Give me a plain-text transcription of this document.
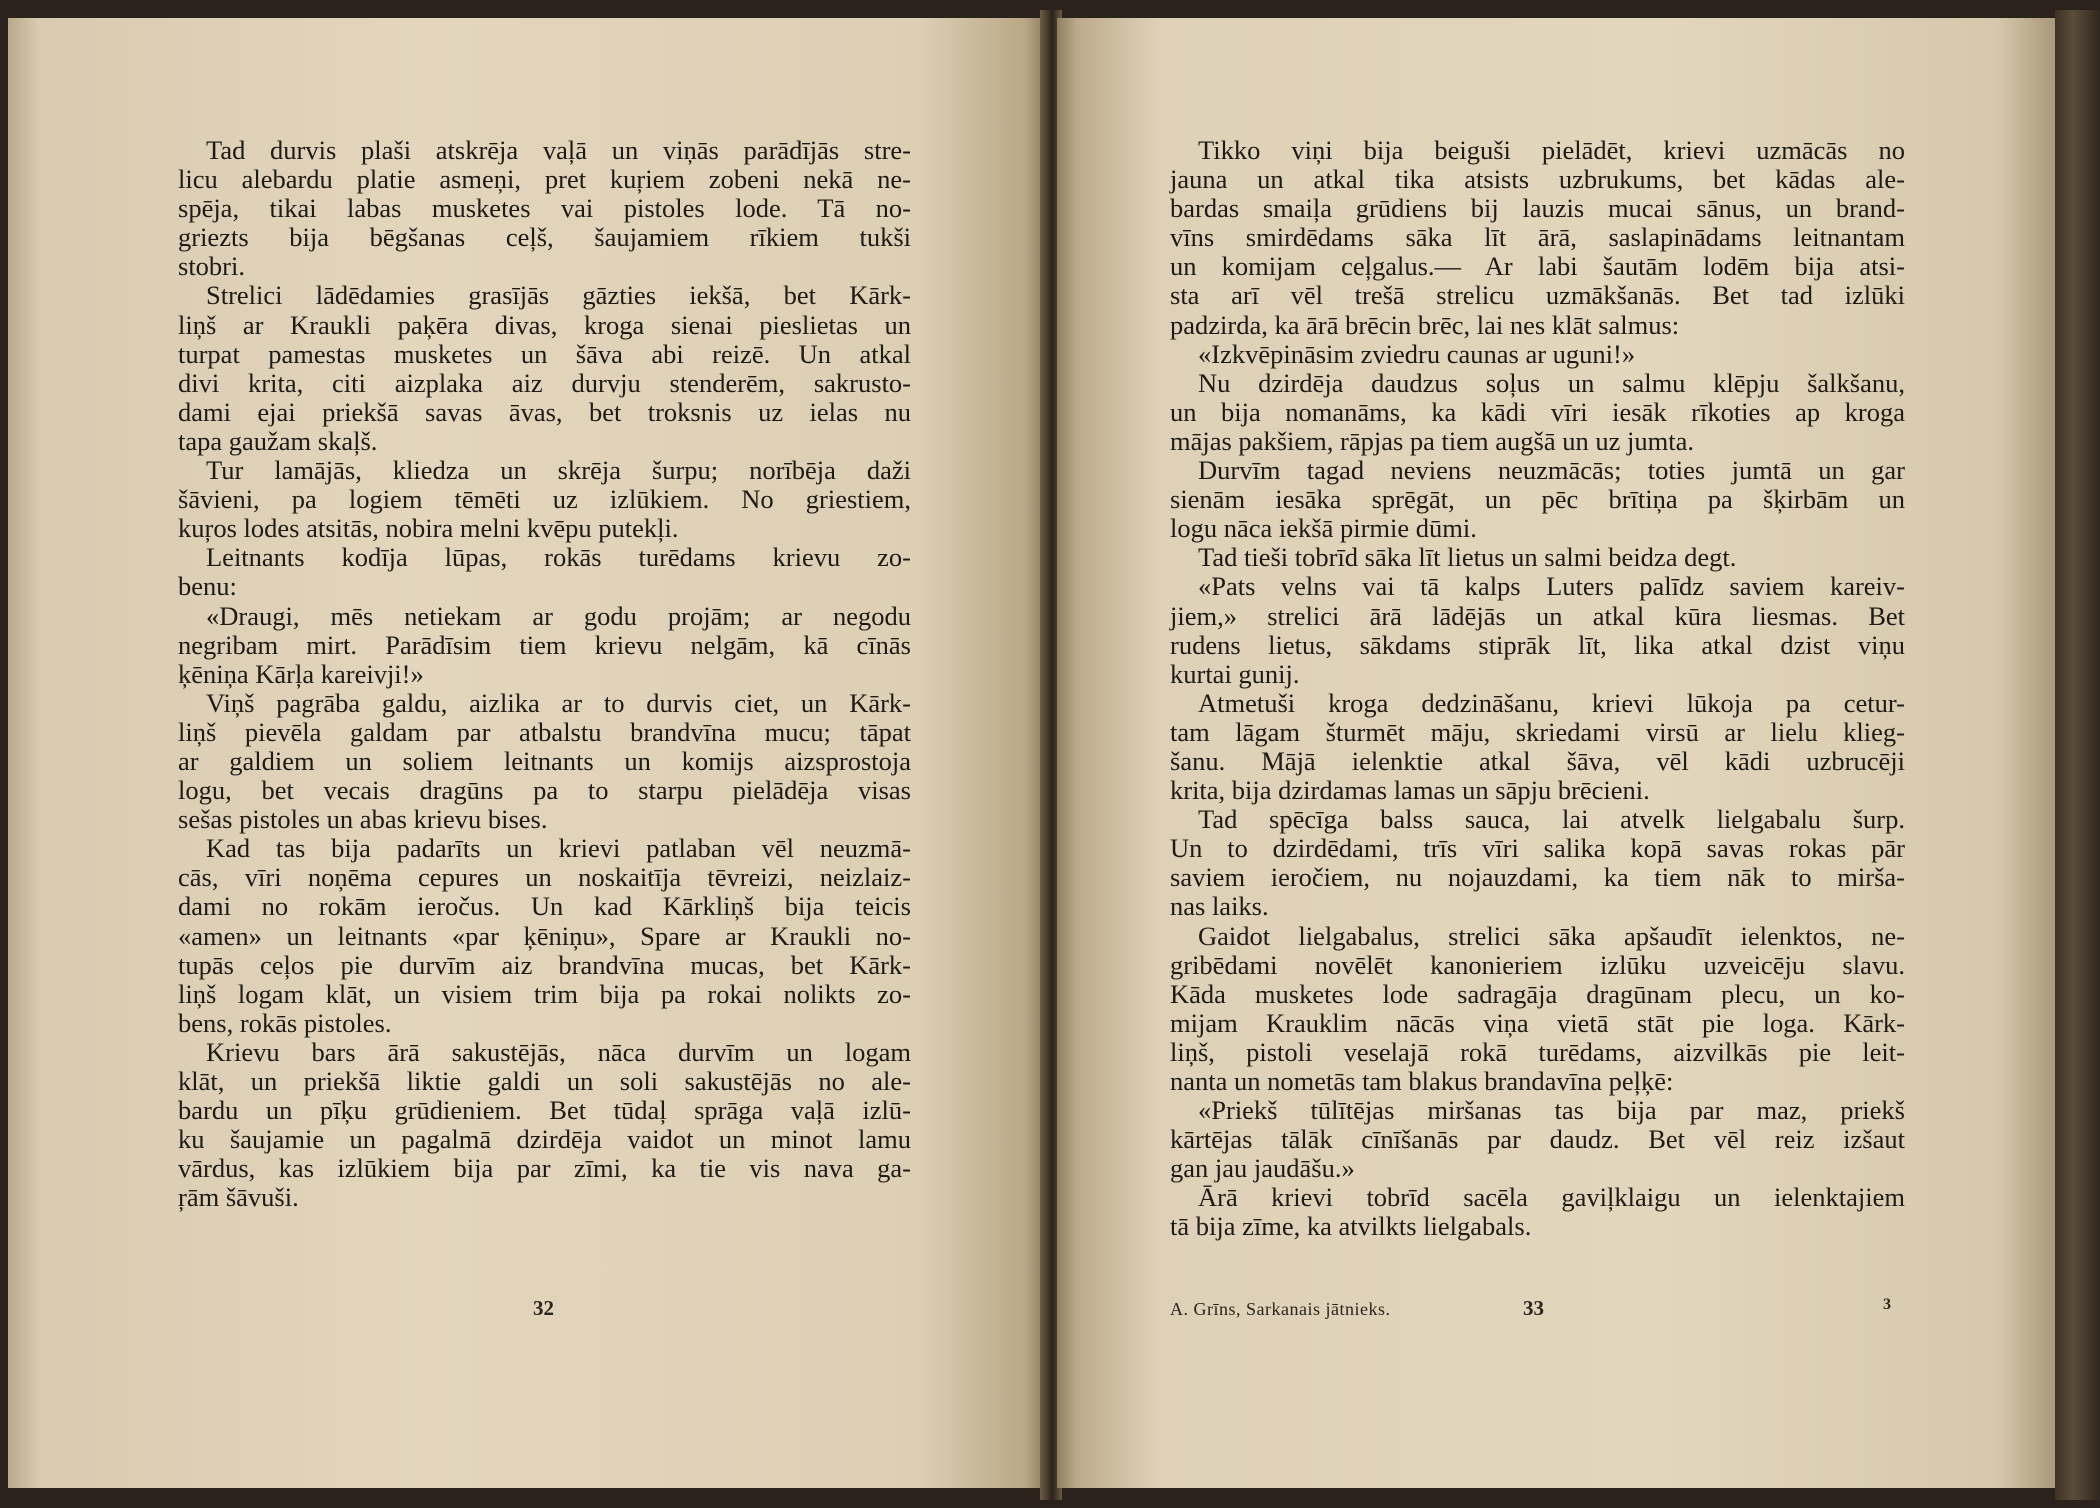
Tad durvis plaši atskrēja vaļā un viņās parādījās stre-
licu alebardu platie asmeņi, pret kuŗiem zobeni nekā ne-
spēja, tikai labas musketes vai pistoles lode. Tā no-
griezts bija bēgšanas ceļš, šaujamiem rīkiem tukši
stobri.

Strelici lādēdamies grasījās gāzties iekšā, bet Kārk-
liņš ar Kraukli paķēra divas, kroga sienai pieslietas un
turpat pamestas musketes un šāva abi reizē. Un atkal
divi krita, citi aizplaka aiz durvju stenderēm, sakrusto-
dami ejai priekšā savas āvas, bet troksnis uz ielas nu
tapa gaužam skaļš.

Tur lamājās, kliedza un skrēja šurpu; norībēja daži
šāvieni, pa logiem tēmēti uz izlūkiem. No griestiem,
kuŗos lodes atsitās, nobira melni kvēpu putekļi.

Leitnants kodīja lūpas, rokās turēdams krievu zo-
benu:

«Draugi, mēs netiekam ar godu projām; ar negodu
negribam mirt. Parādīsim tiem krievu nelgām, kā cīnās
ķēniņa Kārļa kareivji!»

Viņš pagrāba galdu, aizlika ar to durvis ciet, un Kārk-
liņš pievēla galdam par atbalstu brandvīna mucu; tāpat
ar galdiem un soliem leitnants un komijs aizsprostoja
logu, bet vecais dragūns pa to starpu pielādēja visas
sešas pistoles un abas krievu bises.

Kad tas bija padarīts un krievi patlaban vēl neuzmā-
cās, vīri noņēma cepures un noskaitīja tēvreizi, neizlaiz-
dami no rokām ieročus. Un kad Kārkliņš bija teicis
«amen» un leitnants «par ķēniņu», Spare ar Kraukli no-
tupās ceļos pie durvīm aiz brandvīna mucas, bet Kārk-
liņš logam klāt, un visiem trim bija pa rokai nolikts zo-
bens, rokās pistoles.

Krievu bars ārā sakustējās, nāca durvīm un logam
klāt, un priekšā liktie galdi un soli sakustējās no ale-
bardu un pīķu grūdieniem. Bet tūdaļ sprāga vaļā izlū-
ku šaujamie un pagalmā dzirdēja vaidot un minot lamu
vārdus, kas izlūkiem bija par zīmi, ka tie vis nava ga-
ŗām šāvuši.

32

Tikko viņi bija beiguši pielādēt, krievi uzmācās no
jauna un atkal tika atsists uzbrukums, bet kādas ale-
bardas smaiļa grūdiens bij lauzis mucai sānus, un brand-
vīns smirdēdams sāka līt ārā, saslapinādams leitnantam
un komijam ceļgalus.— Ar labi šautām lodēm bija atsi-
sta arī vēl trešā strelicu uzmākšanās. Bet tad izlūki
padzirda, ka ārā brēcin brēc, lai nes klāt salmus:

«Izkvēpināsim zviedru caunas ar uguni!»

Nu dzirdēja daudzus soļus un salmu klēpju šalkšanu,
un bija nomanāms, ka kādi vīri iesāk rīkoties ap kroga
mājas pakšiem, rāpjas pa tiem augšā un uz jumta.

Durvīm tagad neviens neuzmācās; toties jumtā un gar
sienām iesāka sprēgāt, un pēc brītiņa pa šķirbām un
logu nāca iekšā pirmie dūmi.

Tad tieši tobrīd sāka līt lietus un salmi beidza degt.

«Pats velns vai tā kalps Luters palīdz saviem kareiv-
jiem,» strelici ārā lādējās un atkal kūra liesmas. Bet
rudens lietus, sākdams stiprāk līt, lika atkal dzist viņu
kurtai gunij.

Atmetuši kroga dedzināšanu, krievi lūkoja pa cetur-
tam lāgam šturmēt māju, skriedami virsū ar lielu klieg-
šanu. Mājā ielenktie atkal šāva, vēl kādi uzbrucēji
krita, bija dzirdamas lamas un sāpju brēcieni.

Tad spēcīga balss sauca, lai atvelk lielgabalu šurp.
Un to dzirdēdami, trīs vīri salika kopā savas rokas pār
saviem ieročiem, nu nojauzdami, ka tiem nāk to miršа-
nas laiks.

Gaidot lielgabalus, strelici sāka apšaudīt ielenktos, ne-
gribēdami novēlēt kanonieriem izlūku uzveicēju slavu.
Kāda musketes lode sadragāja dragūnam plecu, un ko-
mijam Krauklim nācās viņa vietā stāt pie loga. Kārk-
liņš, pistoli veselajā rokā turēdams, aizvilkās pie leit-
nanta un nometās tam blakus brandavīna peļķē:

«Priekš tūlītējas miršanas tas bija par maz, priekš
kārtējas tālāk cīnīšanās par daudz. Bet vēl reiz izšaut
gan jau jaudāšu.»

Ārā krievi tobrīd sacēla gaviļklaigu un ielenktajiem
tā bija zīme, ka atvilkts lielgabals.

A. Grīns, Sarkanais jātnieks.	33	3
